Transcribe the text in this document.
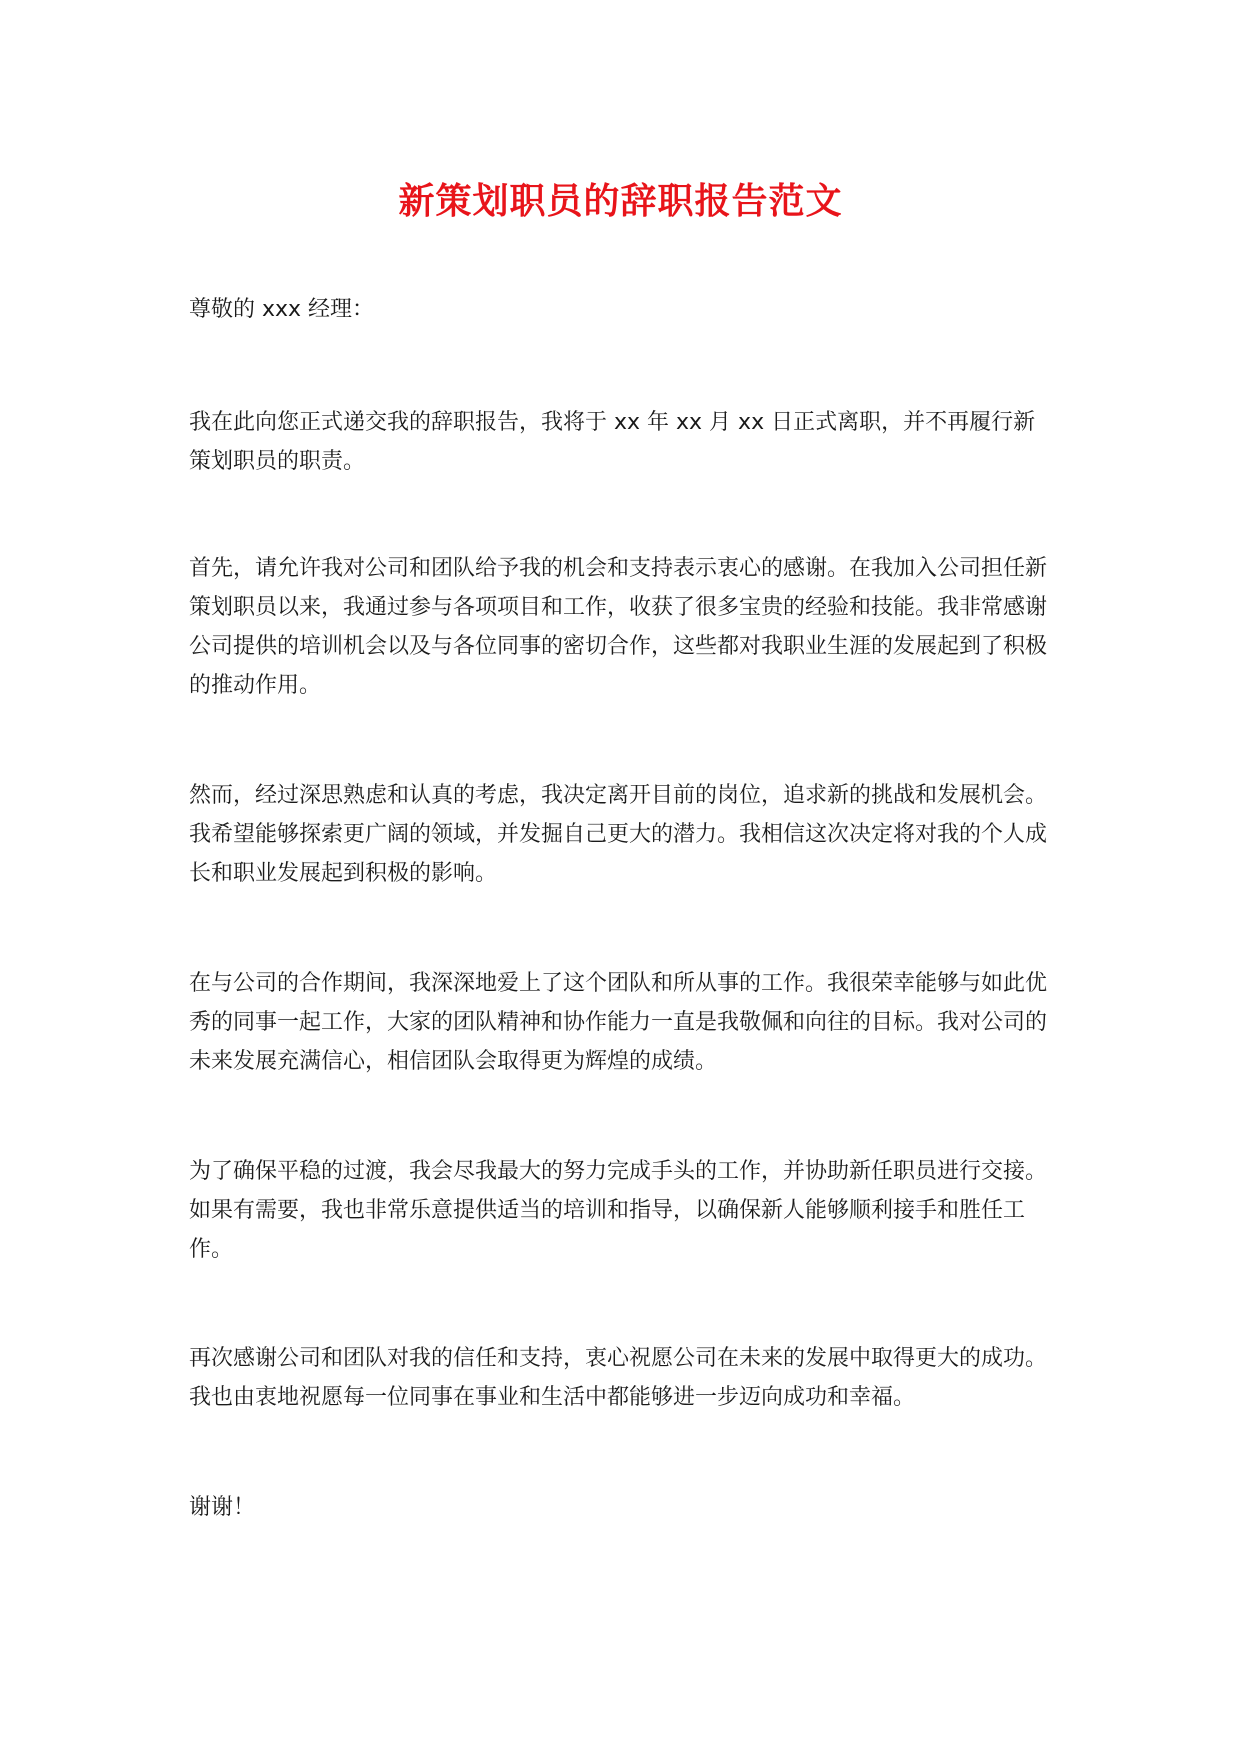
新策划职员的辞职报告范文

尊敬的 xxx 经理：

我在此向您正式递交我的辞职报告，我将于 xx 年 xx 月 xx 日正式离职，并不再履行新策划职员的职责。

首先，请允许我对公司和团队给予我的机会和支持表示衷心的感谢。在我加入公司担任新策划职员以来，我通过参与各项项目和工作，收获了很多宝贵的经验和技能。我非常感谢公司提供的培训机会以及与各位同事的密切合作，这些都对我职业生涯的发展起到了积极的推动作用。

然而，经过深思熟虑和认真的考虑，我决定离开目前的岗位，追求新的挑战和发展机会。我希望能够探索更广阔的领域，并发掘自己更大的潜力。我相信这次决定将对我的个人成长和职业发展起到积极的影响。

在与公司的合作期间，我深深地爱上了这个团队和所从事的工作。我很荣幸能够与如此优秀的同事一起工作，大家的团队精神和协作能力一直是我敬佩和向往的目标。我对公司的未来发展充满信心，相信团队会取得更为辉煌的成绩。

为了确保平稳的过渡，我会尽我最大的努力完成手头的工作，并协助新任职员进行交接。如果有需要，我也非常乐意提供适当的培训和指导，以确保新人能够顺利接手和胜任工作。

再次感谢公司和团队对我的信任和支持，衷心祝愿公司在未来的发展中取得更大的成功。我也由衷地祝愿每一位同事在事业和生活中都能够进一步迈向成功和幸福。

谢谢！
